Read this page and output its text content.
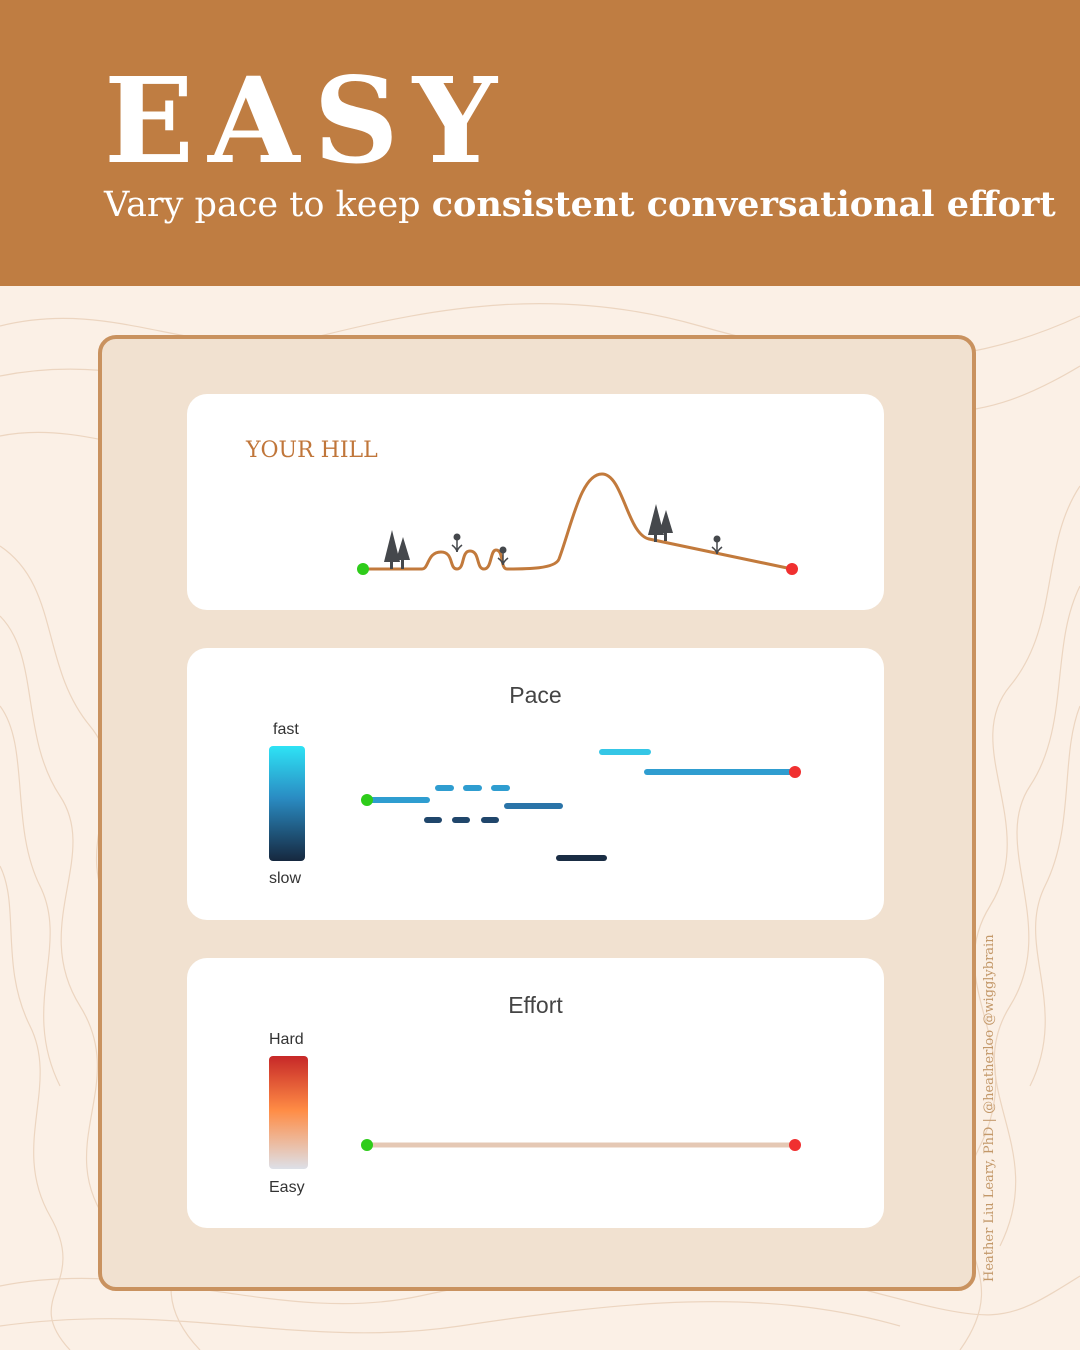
EASY
Vary pace to keep consistent conversational effort
YOUR HILL
Pace
fast
slow
Effort
Hard
Easy	Heather Liu Leary, PhD | @heatherloo @wigglybrain
